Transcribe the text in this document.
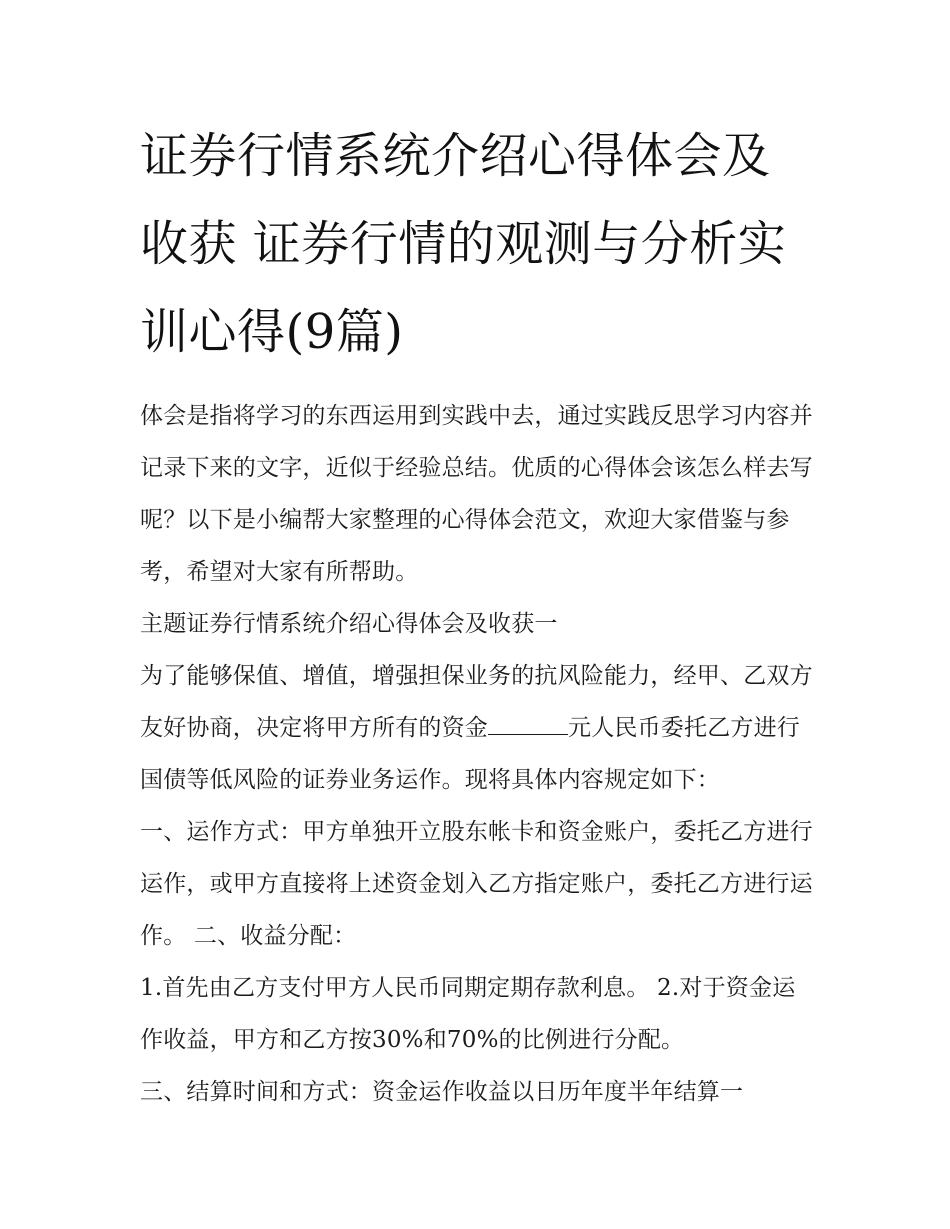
证券行情系统介绍心得体会及收获 证券行情的观测与分析实训心得(9篇)

体会是指将学习的东西运用到实践中去，通过实践反思学习内容并记录下来的文字，近似于经验总结。优质的心得体会该怎么样去写呢？以下是小编帮大家整理的心得体会范文，欢迎大家借鉴与参考，希望对大家有所帮助。

主题证券行情系统介绍心得体会及收获一

为了能够保值、增值，增强担保业务的抗风险能力，经甲、乙双方友好协商，决定将甲方所有的资金	元人民币委托乙方进行国债等低风险的证券业务运作。现将具体内容规定如下：

一、运作方式：甲方单独开立股东帐卡和资金账户，委托乙方进行运作，或甲方直接将上述资金划入乙方指定账户，委托乙方进行运作。 二、收益分配：

1.首先由乙方支付甲方人民币同期定期存款利息。 2.对于资金运作收益，甲方和乙方按30%和70%的比例进行分配。

三、结算时间和方式：资金运作收益以日历年度半年结算一
